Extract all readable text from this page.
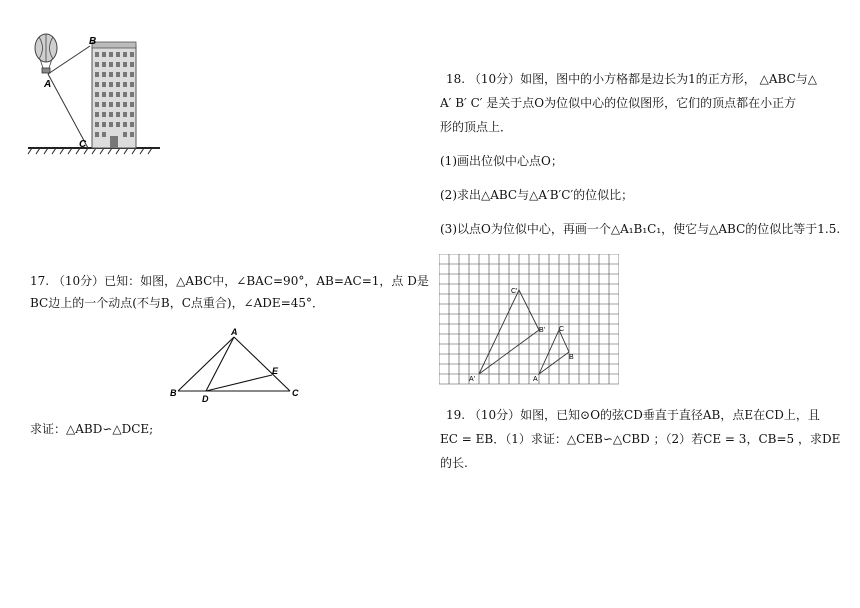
A
B
C
17. （10分）已知：如图，△ABC中，∠BAC=90°，AB=AC=1，点 D是
BC边上的一个动点(不与B，C点重合)，∠ADE=45°．
A
B	C
D
E
求证：△ABD∽△DCE;
18. （10分）如图，图中的小方格都是边长为1的正方形， △ABC与△
A′ B′ C′ 是关于点O为位似中心的位似图形，它们的顶点都在小正方
形的顶点上．
(1)画出位似中心点O；
(2)求出△ABC与△A′B′C′的位似比；
(3)以点O为位似中心，再画一个△A₁B₁C₁，使它与△ABC的位似比等于1.5.
C′
B′
A′
C
B
A
19. （10分）如图，已知⊙O的弦CD垂直于直径AB，点E在CD上，且
EC = EB．（1）求证：△CEB∽△CBD ；（2）若CE = 3，CB=5 ，求DE
的长.
